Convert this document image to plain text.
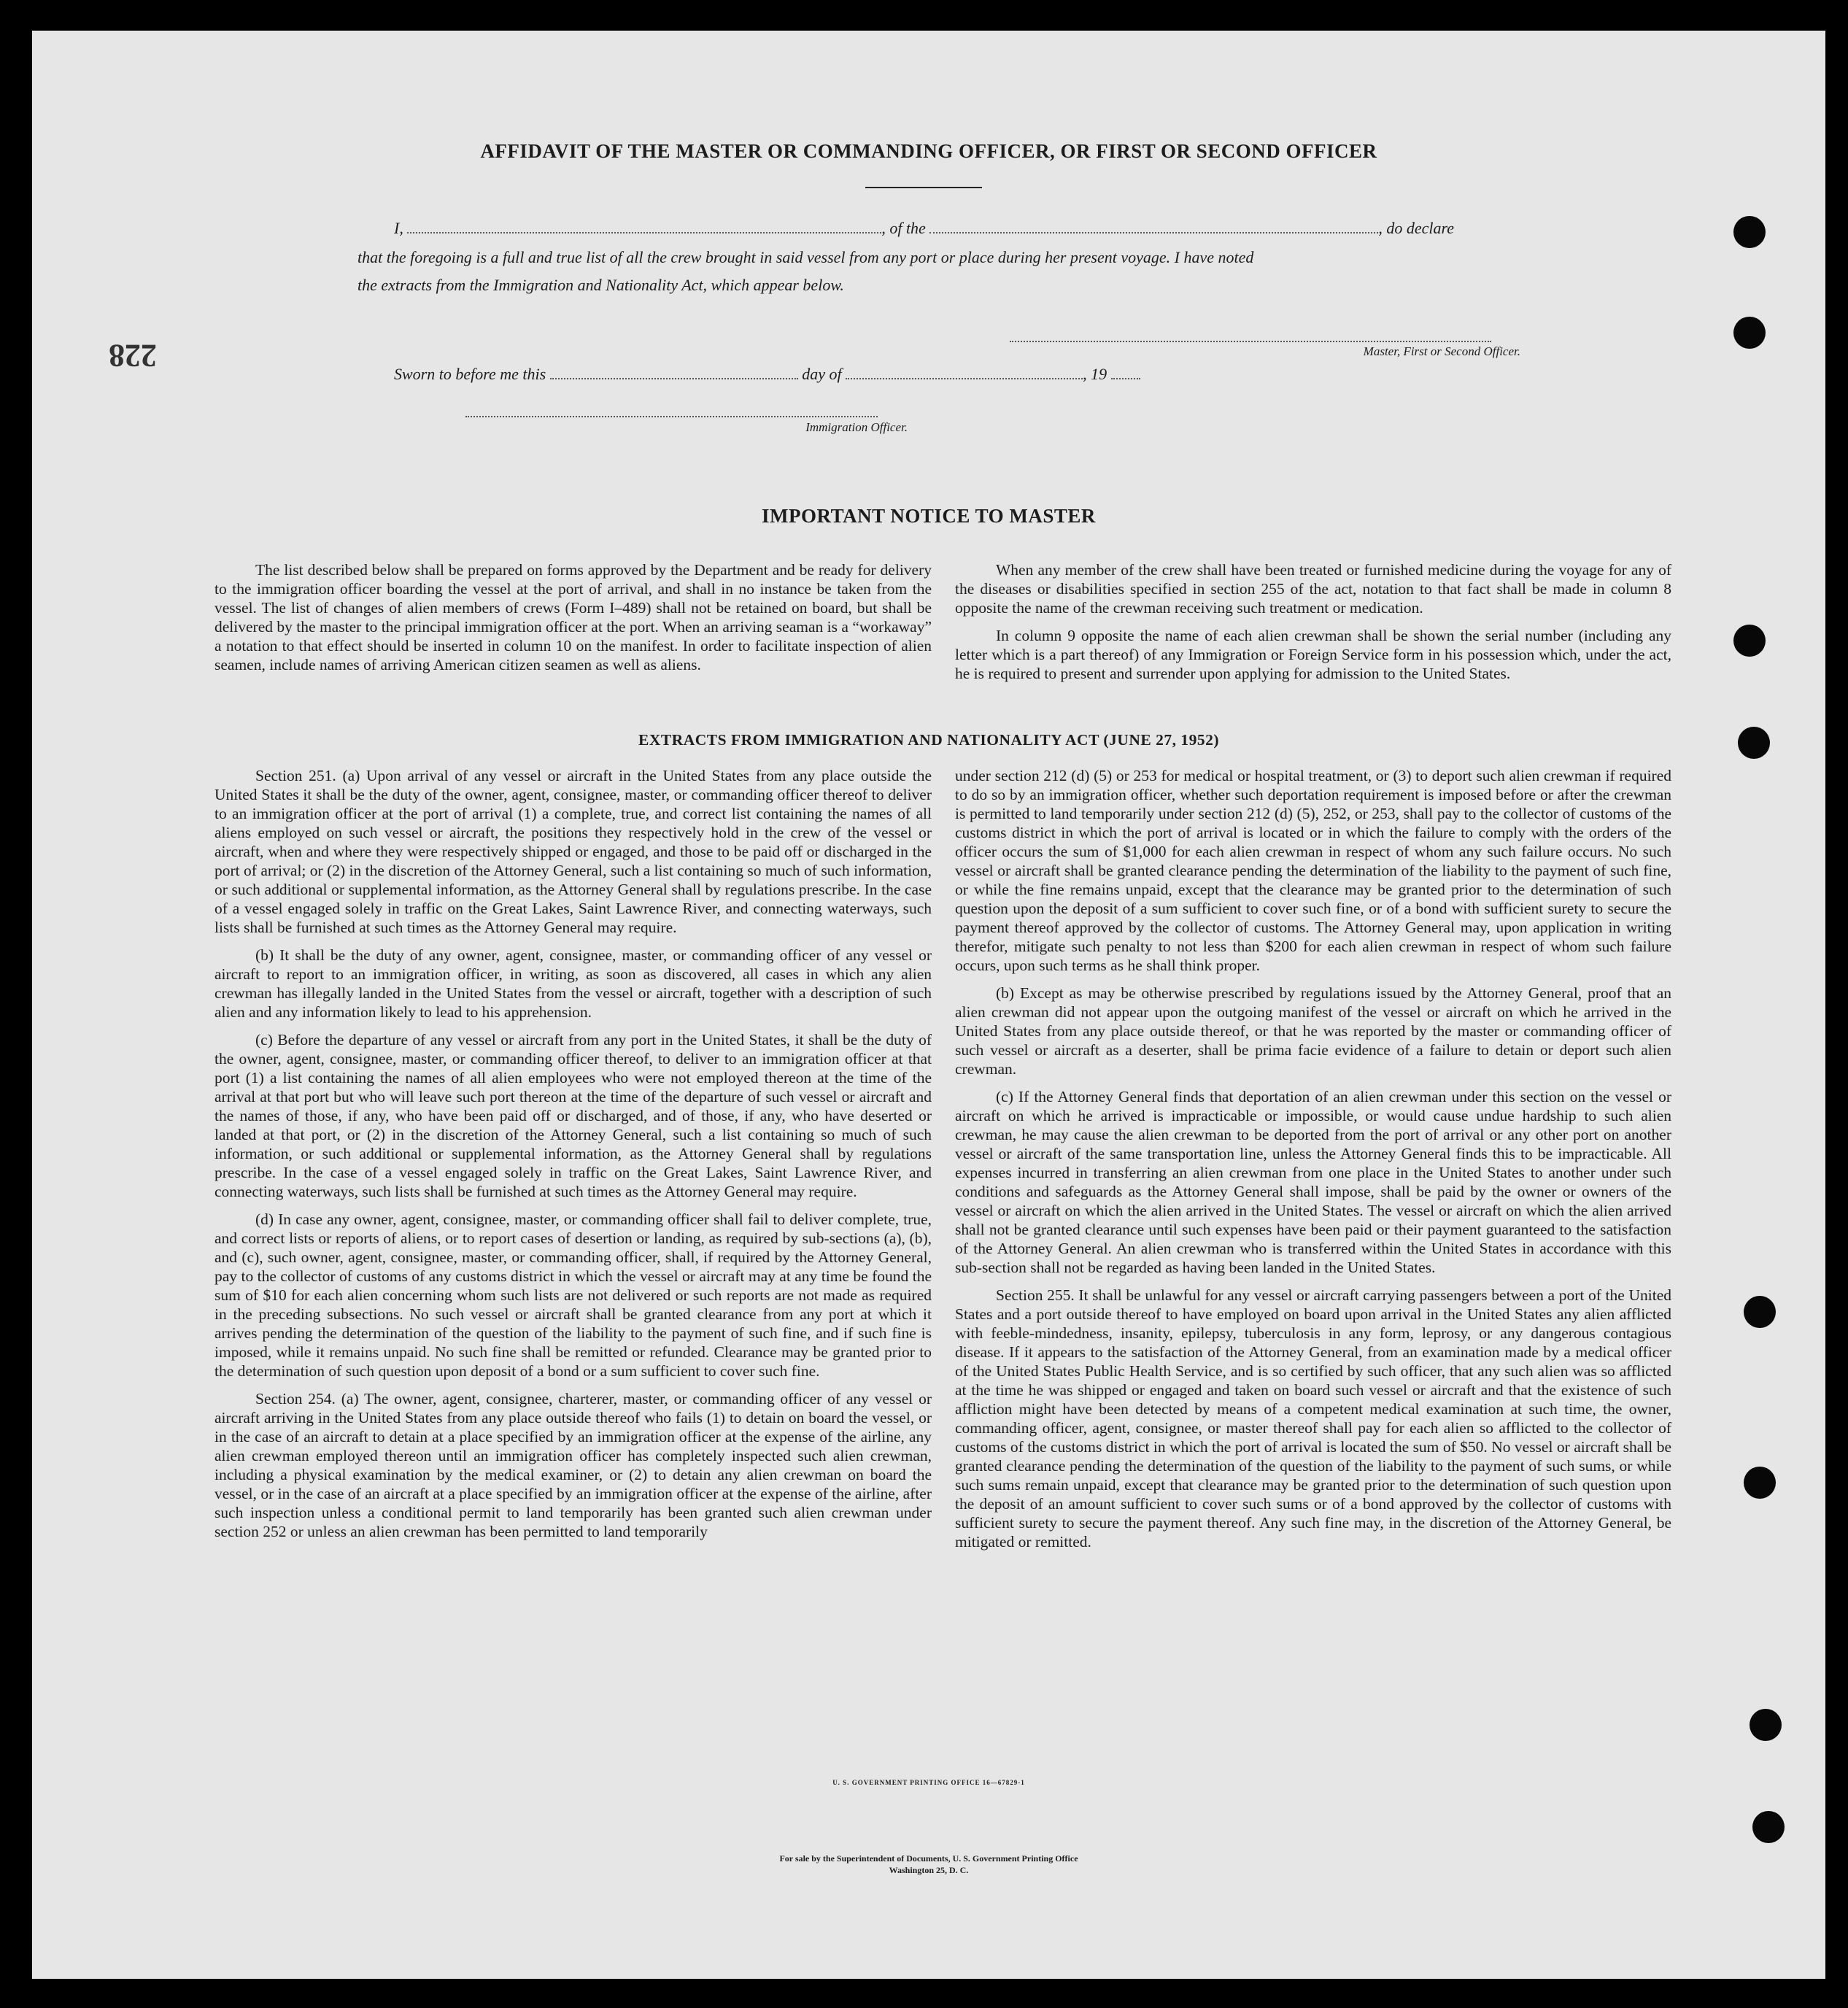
228
AFFIDAVIT OF THE MASTER OR COMMANDING OFFICER, OR FIRST OR SECOND OFFICER
I,	, of the	, do declare
that the foregoing is a full and true list of all the crew brought in said vessel from any port or place during her present voyage. I have noted
the extracts from the Immigration and Nationality Act, which appear below.
Master, First or Second Officer.
Sworn to before me this	day of	, 19
Immigration Officer.
IMPORTANT NOTICE TO MASTER

The list described below shall be prepared on forms approved by the Department and be ready for delivery to the immigration officer boarding the vessel at the port of arrival, and shall in no instance be taken from the vessel. The list of changes of alien members of crews (Form I–489) shall not be retained on board, but shall be delivered by the master to the principal immigration officer at the port. When an arriving seaman is a “workaway” a notation to that effect should be inserted in column 10 on the manifest. In order to facilitate inspection of alien seamen, include names of arriving American citizen seamen as well as aliens.

When any member of the crew shall have been treated or furnished medicine during the voyage for any of the diseases or disabilities specified in section 255 of the act, notation to that fact shall be made in column 8 opposite the name of the crewman receiving such treatment or medication.

In column 9 opposite the name of each alien crewman shall be shown the serial number (including any letter which is a part thereof) of any Immigration or Foreign Service form in his possession which, under the act, he is required to present and surrender upon applying for admission to the United States.

EXTRACTS FROM IMMIGRATION AND NATIONALITY ACT (JUNE 27, 1952)

Section 251. (a) Upon arrival of any vessel or aircraft in the United States from any place outside the United States it shall be the duty of the owner, agent, consignee, master, or commanding officer thereof to deliver to an immigration officer at the port of arrival (1) a complete, true, and correct list containing the names of all aliens employed on such vessel or aircraft, the positions they respectively hold in the crew of the vessel or aircraft, when and where they were respectively shipped or engaged, and those to be paid off or discharged in the port of arrival; or (2) in the discretion of the Attorney General, such a list containing so much of such information, or such additional or supplemental information, as the Attorney General shall by regulations prescribe. In the case of a vessel engaged solely in traffic on the Great Lakes, Saint Lawrence River, and connecting waterways, such lists shall be furnished at such times as the Attorney General may require.

(b) It shall be the duty of any owner, agent, consignee, master, or commanding officer of any vessel or aircraft to report to an immigration officer, in writing, as soon as discovered, all cases in which any alien crewman has illegally landed in the United States from the vessel or aircraft, together with a description of such alien and any information likely to lead to his apprehension.

(c) Before the departure of any vessel or aircraft from any port in the United States, it shall be the duty of the owner, agent, consignee, master, or commanding officer thereof, to deliver to an immigration officer at that port (1) a list containing the names of all alien employees who were not employed thereon at the time of the arrival at that port but who will leave such port thereon at the time of the departure of such vessel or aircraft and the names of those, if any, who have been paid off or discharged, and of those, if any, who have deserted or landed at that port, or (2) in the discretion of the Attorney General, such a list containing so much of such information, or such additional or supplemental information, as the Attorney General shall by regulations prescribe. In the case of a vessel engaged solely in traffic on the Great Lakes, Saint Lawrence River, and connecting waterways, such lists shall be furnished at such times as the Attorney General may require.

(d) In case any owner, agent, consignee, master, or commanding officer shall fail to deliver complete, true, and correct lists or reports of aliens, or to report cases of desertion or landing, as required by sub-sections (a), (b), and (c), such owner, agent, consignee, master, or commanding officer, shall, if required by the Attorney General, pay to the collector of customs of any customs district in which the vessel or aircraft may at any time be found the sum of $10 for each alien concerning whom such lists are not delivered or such reports are not made as required in the preceding subsections. No such vessel or aircraft shall be granted clearance from any port at which it arrives pending the determination of the question of the liability to the payment of such fine, and if such fine is imposed, while it remains unpaid. No such fine shall be remitted or refunded. Clearance may be granted prior to the determination of such question upon deposit of a bond or a sum sufficient to cover such fine.

Section 254. (a) The owner, agent, consignee, charterer, master, or commanding officer of any vessel or aircraft arriving in the United States from any place outside thereof who fails (1) to detain on board the vessel, or in the case of an aircraft to detain at a place specified by an immigration officer at the expense of the airline, any alien crewman employed thereon until an immigration officer has completely inspected such alien crewman, including a physical examination by the medical examiner, or (2) to detain any alien crewman on board the vessel, or in the case of an aircraft at a place specified by an immigration officer at the expense of the airline, after such inspection unless a conditional permit to land temporarily has been granted such alien crewman under section 252 or unless an alien crewman has been permitted to land temporarily

under section 212 (d) (5) or 253 for medical or hospital treatment, or (3) to deport such alien crewman if required to do so by an immigration officer, whether such deportation requirement is imposed before or after the crewman is permitted to land temporarily under section 212 (d) (5), 252, or 253, shall pay to the collector of customs of the customs district in which the port of arrival is located or in which the failure to comply with the orders of the officer occurs the sum of $1,000 for each alien crewman in respect of whom any such failure occurs. No such vessel or aircraft shall be granted clearance pending the determination of the liability to the payment of such fine, or while the fine remains unpaid, except that the clearance may be granted prior to the determination of such question upon the deposit of a sum sufficient to cover such fine, or of a bond with sufficient surety to secure the payment thereof approved by the collector of customs. The Attorney General may, upon application in writing therefor, mitigate such penalty to not less than $200 for each alien crewman in respect of whom such failure occurs, upon such terms as he shall think proper.

(b) Except as may be otherwise prescribed by regulations issued by the Attorney General, proof that an alien crewman did not appear upon the outgoing manifest of the vessel or aircraft on which he arrived in the United States from any place outside thereof, or that he was reported by the master or commanding officer of such vessel or aircraft as a deserter, shall be prima facie evidence of a failure to detain or deport such alien crewman.

(c) If the Attorney General finds that deportation of an alien crewman under this section on the vessel or aircraft on which he arrived is impracticable or impossible, or would cause undue hardship to such alien crewman, he may cause the alien crewman to be deported from the port of arrival or any other port on another vessel or aircraft of the same transportation line, unless the Attorney General finds this to be impracticable. All expenses incurred in transferring an alien crewman from one place in the United States to another under such conditions and safeguards as the Attorney General shall impose, shall be paid by the owner or owners of the vessel or aircraft on which the alien arrived in the United States. The vessel or aircraft on which the alien arrived shall not be granted clearance until such expenses have been paid or their payment guaranteed to the satisfaction of the Attorney General. An alien crewman who is transferred within the United States in accordance with this sub-section shall not be regarded as having been landed in the United States.

Section 255. It shall be unlawful for any vessel or aircraft carrying passengers between a port of the United States and a port outside thereof to have employed on board upon arrival in the United States any alien afflicted with feeble-mindedness, insanity, epilepsy, tuberculosis in any form, leprosy, or any dangerous contagious disease. If it appears to the satisfaction of the Attorney General, from an examination made by a medical officer of the United States Public Health Service, and is so certified by such officer, that any such alien was so afflicted at the time he was shipped or engaged and taken on board such vessel or aircraft and that the existence of such affliction might have been detected by means of a competent medical examination at such time, the owner, commanding officer, agent, consignee, or master thereof shall pay for each alien so afflicted to the collector of customs of the customs district in which the port of arrival is located the sum of $50. No vessel or aircraft shall be granted clearance pending the determination of the question of the liability to the payment of such sums, or while such sums remain unpaid, except that clearance may be granted prior to the determination of such question upon the deposit of an amount sufficient to cover such sums or of a bond approved by the collector of customs with sufficient surety to secure the payment thereof. Any such fine may, in the discretion of the Attorney General, be mitigated or remitted.

U. S. GOVERNMENT PRINTING OFFICE 16—67829-1
For sale by the Superintendent of Documents, U. S. Government Printing Office
Washington 25, D. C.
